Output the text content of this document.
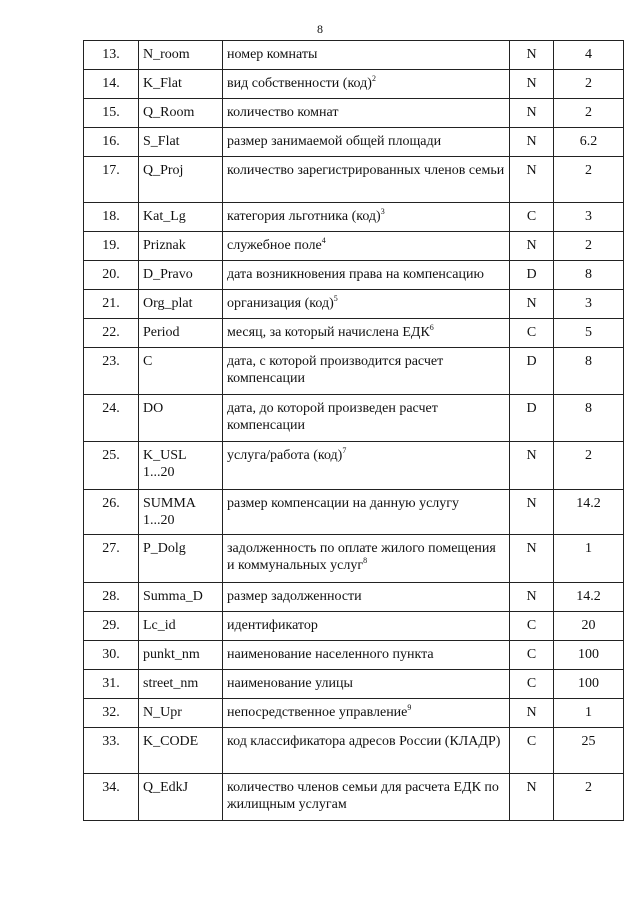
8
13.	N_room	номер комнаты	N	4
14.	K_Flat	вид собственности (код)$^2$	N	2
15.	Q_Room	количество комнат	N	2
16.	S_Flat	размер занимаемой общей площади	N	6.2
17.	Q_Proj	количество зарегистрированных членов семьи	N	2
18.	Kat_Lg	категория льготника (код)$^3$	C	3
19.	Priznak	служебное поле$^4$	N	2
20.	D_Pravo	дата возникновения права на компенсацию	D	8
21.	Org_plat	организация (код)$^5$	N	3
22.	Period	месяц, за который начислена ЕДК$^6$	C	5
23.	C	дата, с которой производится расчет компенсации	D	8
24.	DO	дата, до которой произведен расчет компенсации	D	8
25.	K_USL 1...20	услуга/работа (код)$^7$	N	2
26.	SUMMA 1...20	размер компенсации на данную услугу	N	14.2
27.	P_Dolg	задолженность по оплате жилого помещения и коммунальных услуг$^8$	N	1
28.	Summa_D	размер задолженности	N	14.2
29.	Lc_id	идентификатор	C	20
30.	punkt_nm	наименование населенного пункта	C	100
31.	street_nm	наименование улицы	C	100
32.	N_Upr	непосредственное управление$^9$	N	1
33.	K_CODE	код классификатора адресов России (КЛАДР)	C	25
34.	Q_EdkJ	количество членов семьи для расчета ЕДК по жилищным услугам	N	2
